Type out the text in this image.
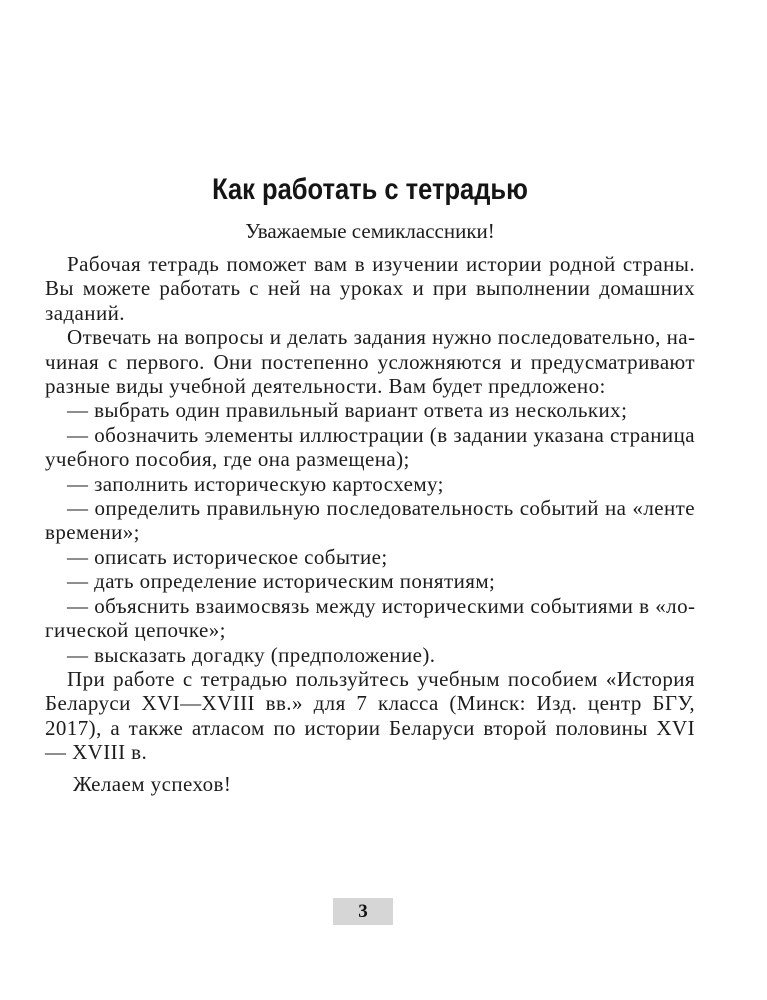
Как работать с тетрадью
Уважаемые семиклассники!

Рабочая тетрадь поможет вам в изучении истории родной страны. Вы можете работать с ней на уроках и при выполнении домашних заданий.

Отвечать на вопросы и делать задания нужно последовательно, начиная с первого. Они постепенно усложняются и предусматривают разные виды учебной деятельности. Вам будет предложено:

— выбрать один правильный вариант ответа из нескольких;

— обозначить элементы иллюстрации (в задании указана страница учебного пособия, где она размещена);

— заполнить историческую картосхему;

— определить правильную последовательность событий на «ленте времени»;

— описать историческое событие;

— дать определение историческим понятиям;

— объяснить взаимосвязь между историческими событиями в «логической цепочке»;

— высказать догадку (предположение).

При работе с тетрадью пользуйтесь учебным пособием «История Беларуси XVI—XVIII вв.» для 7 класса (Минск: Изд. центр БГУ, 2017), а также атласом по истории Беларуси второй половины XVI — XVIII в.

Желаем успехов!

3
